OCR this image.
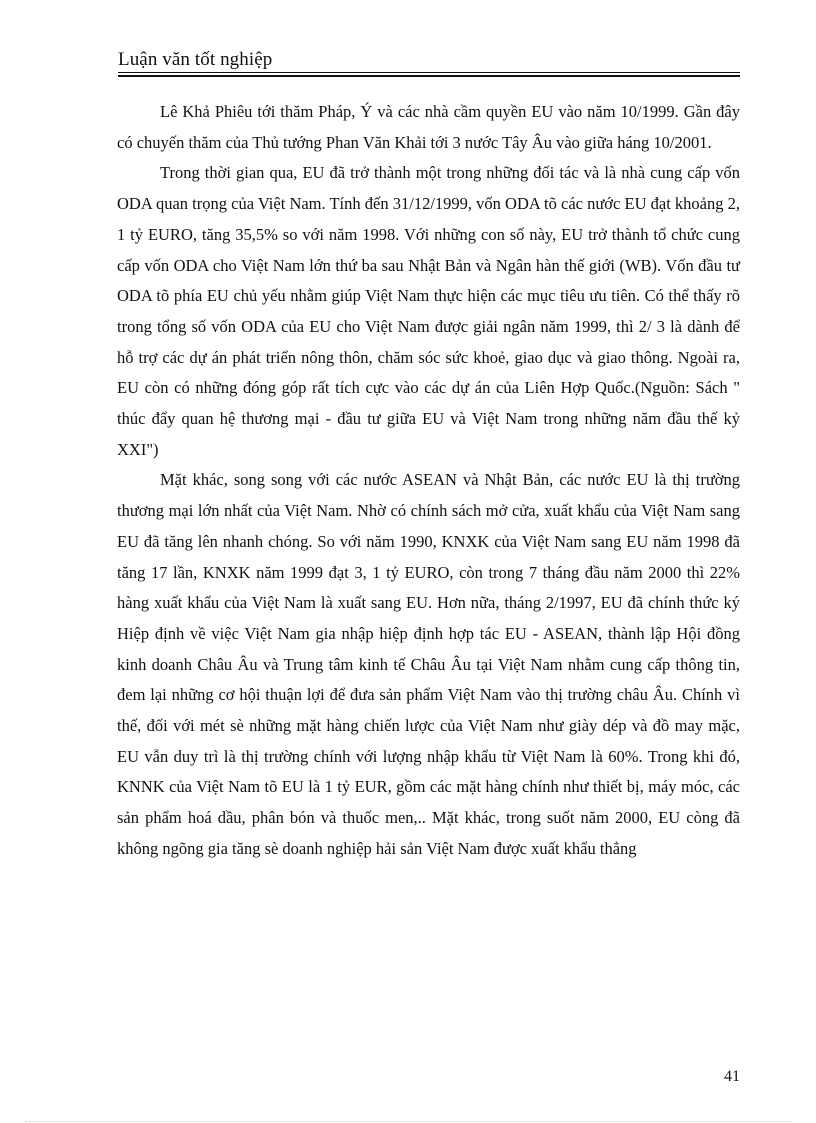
Luận văn tốt nghiệp

Lê Khả Phiêu tới thăm Pháp, Ý và các nhà cầm quyền EU vào năm 10/1999. Gần đây có chuyến thăm của Thủ tướng Phan Văn Khải tới 3 nước Tây Âu vào giữa háng 10/2001.

Trong thời gian qua, EU đã trở thành một trong những đối tác và là nhà cung cấp vốn ODA quan trọng của Việt Nam. Tính đến 31/12/1999, vốn ODA tõ các nước EU đạt khoảng 2, 1 tỷ EURO, tăng 35,5% so với năm 1998. Với những con số này, EU trở thành tổ chức cung cấp vốn ODA cho Việt Nam lớn thứ ba sau Nhật Bản và Ngân hàn thế giới (WB). Vốn đầu tư ODA tõ phía EU chủ yếu nhằm giúp Việt Nam thực hiện các mục tiêu ưu tiên. Có thể thấy rõ trong tổng số vốn ODA của EU cho Việt Nam được giải ngân năm 1999, thì 2/ 3 là dành để hỗ trợ các dự án phát triển nông thôn, chăm sóc sức khoẻ, giao dục và giao thông. Ngoài ra, EU còn có những đóng góp rất tích cực vào các dự án của Liên Hợp Quốc.(Nguồn: Sách " thúc đẩy quan hệ thương mại - đầu tư giữa EU và Việt Nam trong những năm đầu thế kỷ XXI")

Mặt khác, song song với các nước ASEAN và Nhật Bản, các nước EU là thị trường thương mại lớn nhất của Việt Nam. Nhờ có chính sách mở cửa, xuất khẩu của Việt Nam sang EU đã tăng lên nhanh chóng. So với năm 1990, KNXK của Việt Nam sang EU năm 1998 đã tăng 17 lần, KNXK năm 1999 đạt 3, 1 tỷ EURO, còn trong 7 tháng đầu năm 2000 thì 22% hàng xuất khẩu của Việt Nam là xuất sang EU. Hơn nữa, tháng 2/1997, EU đã chính thức ký Hiệp định về việc Việt Nam gia nhập hiệp định hợp tác EU - ASEAN, thành lập Hội đồng kinh doanh Châu Âu và Trung tâm kinh tế Châu Âu tại Việt Nam nhằm cung cấp thông tin, đem lại những cơ hội thuận lợi để đưa sản phẩm Việt Nam vào thị trường châu Âu. Chính vì thế, đối với mét sè những mặt hàng chiến lược của Việt Nam như giày dép và đồ may mặc, EU vẫn duy trì là thị trường chính với lượng nhập khẩu từ Việt Nam là 60%. Trong khi đó, KNNK của Việt Nam tõ EU là 1 tỷ EUR, gồm các mặt hàng chính như thiết bị, máy móc, các sản phẩm hoá dầu, phân bón và thuốc men,.. Mặt khác, trong suốt năm 2000, EU còng đã không ngõng gia tăng sè doanh nghiệp hải sản Việt Nam được xuất khẩu thẳng

41
